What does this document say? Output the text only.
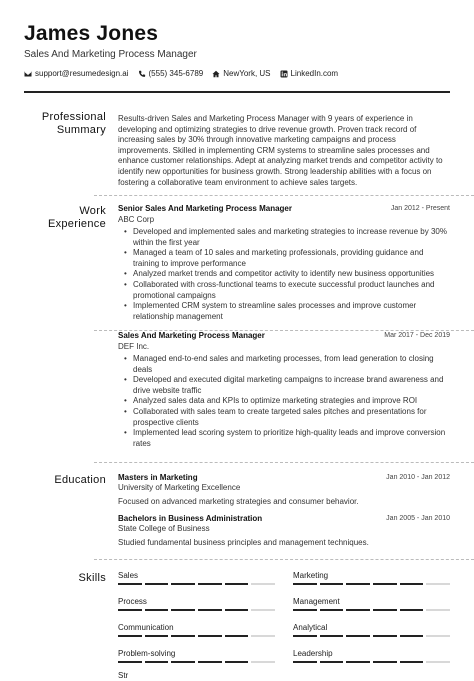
James Jones
Sales And Marketing Process Manager
support@resumedesign.ai	(555) 345-6789	NewYork, US	LinkedIn.com
Professional
Summary
Results-driven Sales and Marketing Process Manager with 9 years of experience in developing and optimizing strategies to drive revenue growth. Proven track record of increasing sales by 30% through innovative marketing campaigns and process improvements. Skilled in implementing CRM systems to streamline sales processes and enhance customer relationships. Adept at analyzing market trends and competitor activity to identify new opportunities for business growth. Strong leadership abilities with a focus on fostering a collaborative team environment to achieve sales targets.
Work
Experience
Senior Sales And Marketing Process Manager	Jan 2012 - Present
ABC Corp
• Developed and implemented sales and marketing strategies to increase revenue by 30% within the first year
• Managed a team of 10 sales and marketing professionals, providing guidance and training to improve performance
• Analyzed market trends and competitor activity to identify new business opportunities
• Collaborated with cross-functional teams to execute successful product launches and promotional campaigns
• Implemented CRM system to streamline sales processes and improve customer relationship management
Sales And Marketing Process Manager	Mar 2017 - Dec 2019
DEF Inc.
• Managed end-to-end sales and marketing processes, from lead generation to closing deals
• Developed and executed digital marketing campaigns to increase brand awareness and drive website traffic
• Analyzed sales data and KPIs to optimize marketing strategies and improve ROI
• Collaborated with sales team to create targeted sales pitches and presentations for prospective clients
• Implemented lead scoring system to prioritize high-quality leads and improve conversion rates
Education Masters in Marketing	Jan 2010 - Jan 2012
University of Marketing Excellence
Focused on advanced marketing strategies and consumer behavior.
Bachelors in Business Administration	Jan 2005 - Jan 2010
State College of Business
Studied fundamental business principles and management techniques.
Skills Sales	Marketing
Process	Management
Communication	Analytical
Problem-solving	Leadership
Str
